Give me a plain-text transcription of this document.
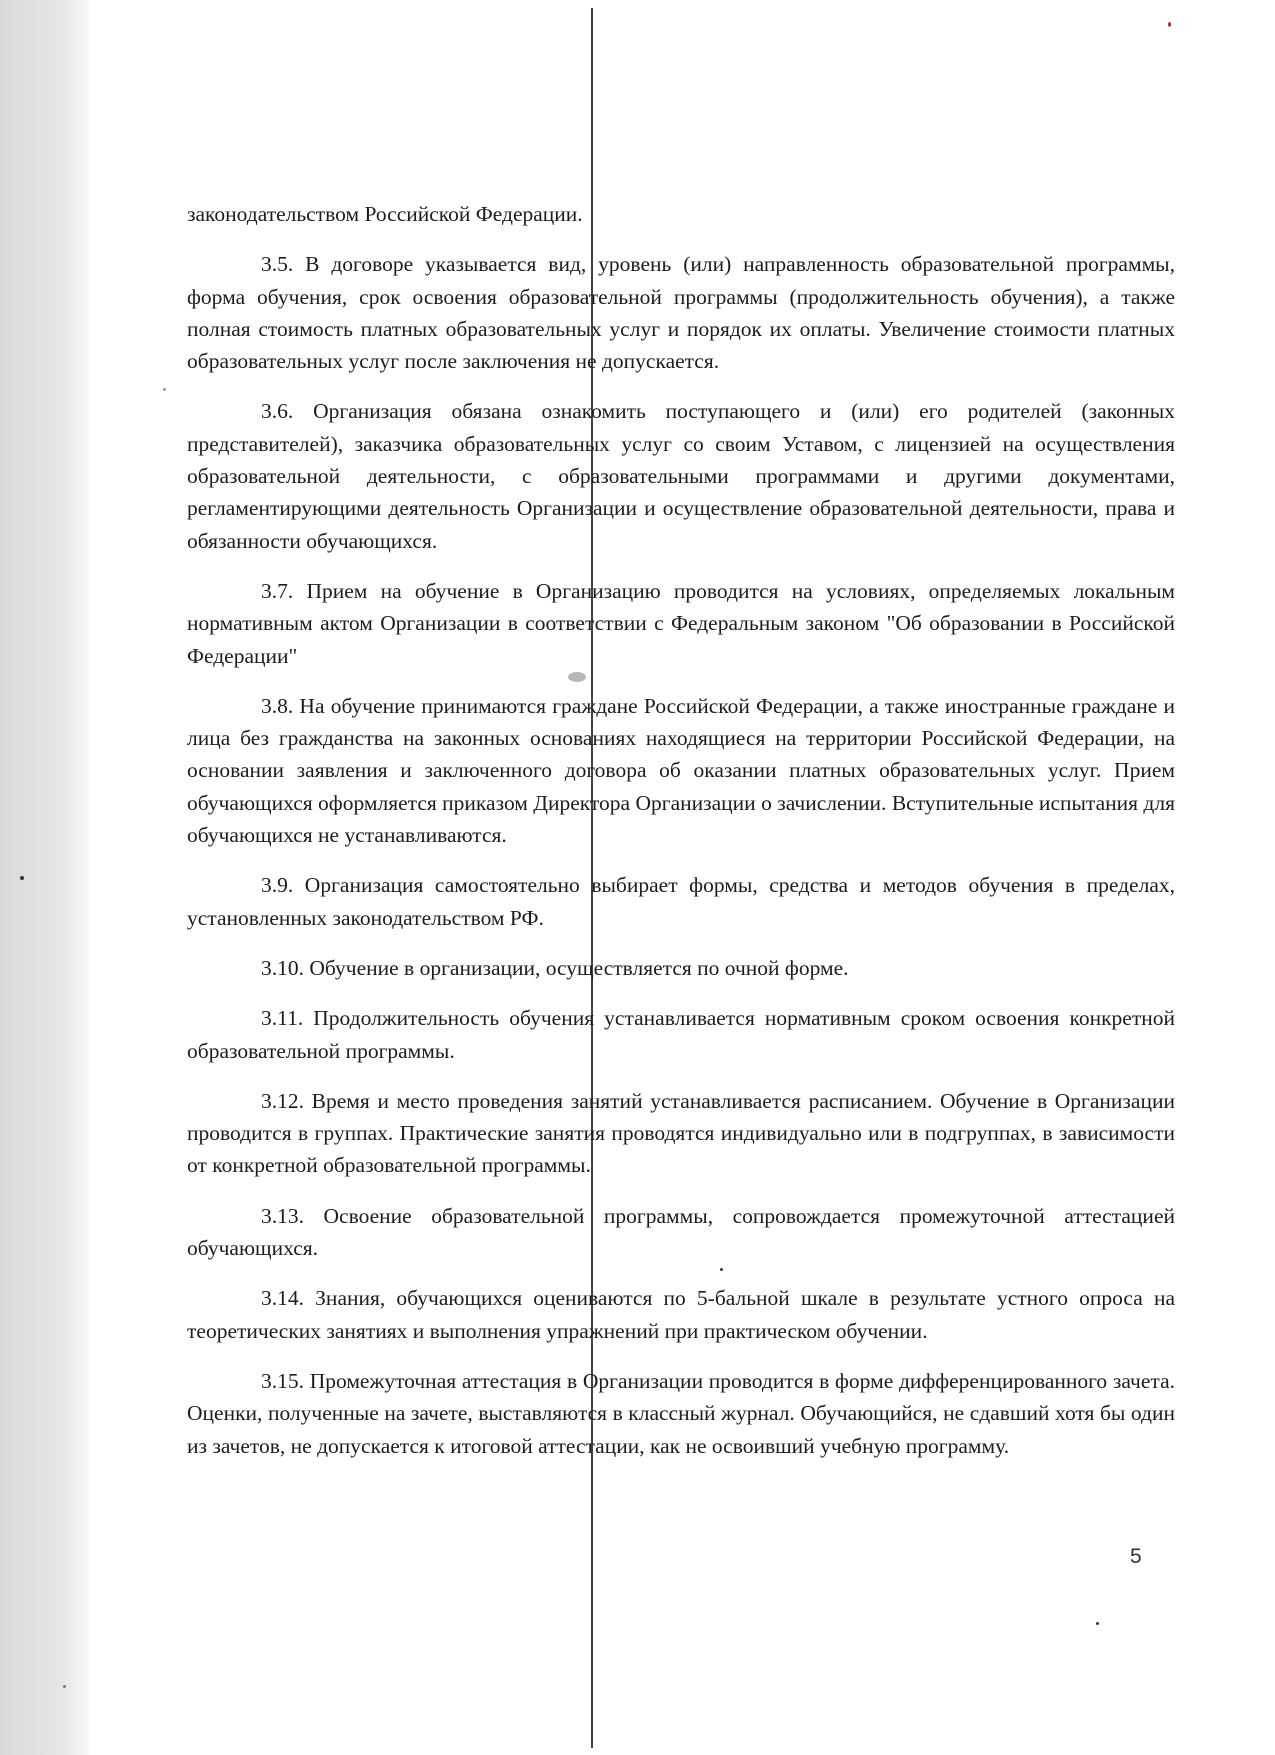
законодательством Российской Федерации.

3.5. В договоре указывается вид, уровень (или) направленность образовательной программы, форма обучения, срок освоения образовательной программы (продолжительность обучения), а также полная стоимость платных образовательных услуг и порядок их оплаты. Увеличение стоимости платных образовательных услуг после заключения не допускается.

3.6. Организация обязана ознакомить поступающего и (или) его родителей (законных представителей), заказчика образовательных услуг со своим Уставом, с лицензией на осуществления образовательной деятельности, с образовательными программами и другими документами, регламентирующими деятельность Организации и осуществление образовательной деятельности, права и обязанности обучающихся.

3.7. Прием на обучение в Организацию проводится на условиях, определяемых локальным нормативным актом Организации в соответствии с Федеральным законом "Об образовании в Российской Федерации"

3.8. На обучение принимаются граждане Российской Федерации, а также иностранные граждане и лица без гражданства на законных основаниях находящиеся на территории Российской Федерации, на основании заявления и заключенного договора об оказании платных образовательных услуг. Прием обучающихся оформляется приказом Директора Организации о зачислении. Вступительные испытания для обучающихся не устанавливаются.

3.9. Организация самостоятельно выбирает формы, средства и методов обучения в пределах, установленных законодательством РФ.

3.10. Обучение в организации, осуществляется по очной форме.

3.11. Продолжительность обучения устанавливается нормативным сроком освоения конкретной образовательной программы.

3.12. Время и место проведения занятий устанавливается расписанием. Обучение в Организации проводится в группах. Практические занятия проводятся индивидуально или в подгруппах, в зависимости от конкретной образовательной программы.

3.13. Освоение образовательной программы, сопровождается промежуточной аттестацией обучающихся.

3.14. Знания, обучающихся оцениваются по 5-бальной шкале в результате устного опроса на теоретических занятиях и выполнения упражнений при практическом обучении.

3.15. Промежуточная аттестация в Организации проводится в форме дифференцированного зачета. Оценки, полученные на зачете, выставляются в классный журнал. Обучающийся, не сдавший хотя бы один из зачетов, не допускается к итоговой аттестации, как не освоивший учебную программу.

5
